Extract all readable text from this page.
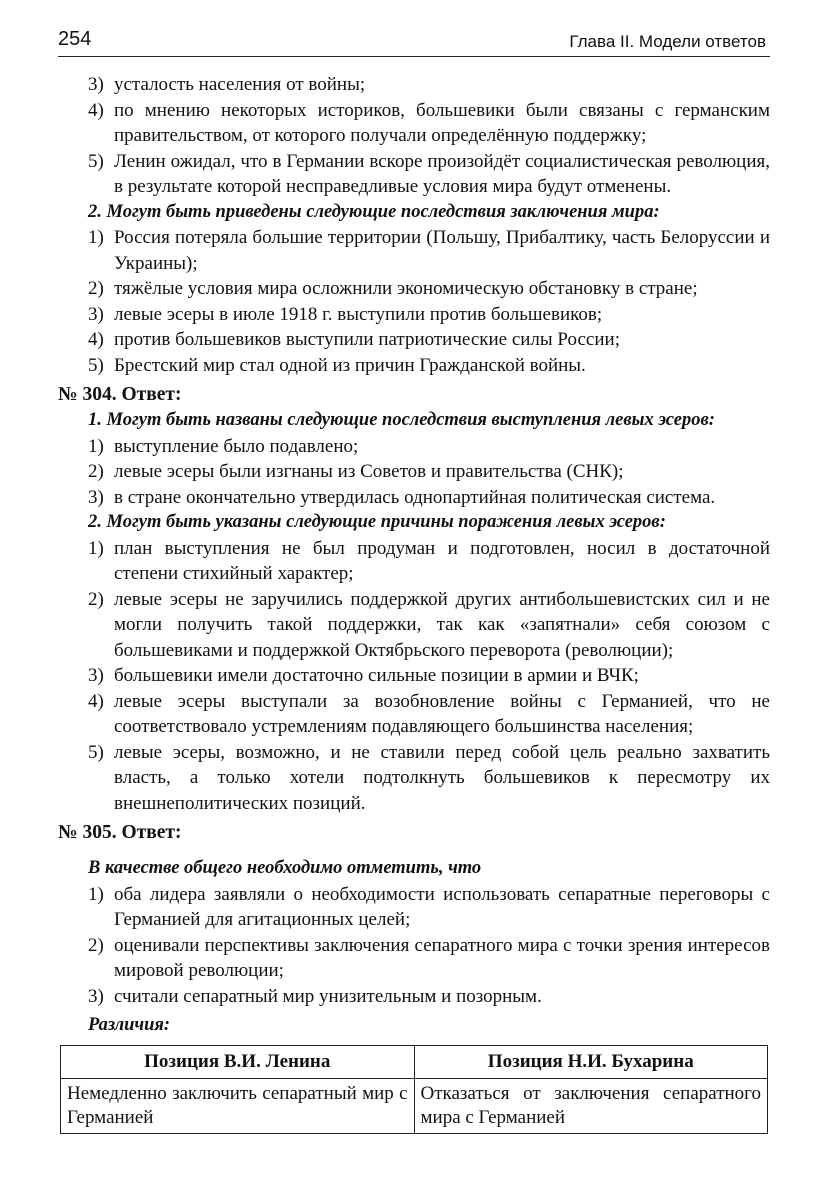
254	Глава II. Модели ответов
3) усталость населения от войны;
4) по мнению некоторых историков, большевики были связаны с германским правительством, от которого получали определённую поддержку;
5) Ленин ожидал, что в Германии вскоре произойдёт социалистическая революция, в результате которой несправедливые условия мира будут отменены.
2. Могут быть приведены следующие последствия заключения мира:
1) Россия потеряла большие территории (Польшу, Прибалтику, часть Белоруссии и Украины);
2) тяжёлые условия мира осложнили экономическую обстановку в стране;
3) левые эсеры в июле 1918 г. выступили против большевиков;
4) против большевиков выступили патриотические силы России;
5) Брестский мир стал одной из причин Гражданской войны.
№ 304. Ответ:
1. Могут быть названы следующие последствия выступления левых эсеров:
1) выступление было подавлено;
2) левые эсеры были изгнаны из Советов и правительства (СНК);
3) в стране окончательно утвердилась однопартийная политическая система.
2. Могут быть указаны следующие причины поражения левых эсеров:
1) план выступления не был продуман и подготовлен, носил в достаточной степени стихийный характер;
2) левые эсеры не заручились поддержкой других антибольшевистских сил и не могли получить такой поддержки, так как «запятнали» себя союзом с большевиками и поддержкой Октябрьского переворота (революции);
3) большевики имели достаточно сильные позиции в армии и ВЧК;
4) левые эсеры выступали за возобновление войны с Германией, что не соответствовало устремлениям подавляющего большинства населения;
5) левые эсеры, возможно, и не ставили перед собой цель реально захватить власть, а только хотели подтолкнуть большевиков к пересмотру их внешнеполитических позиций.
№ 305. Ответ:
В качестве общего необходимо отметить, что
1) оба лидера заявляли о необходимости использовать сепаратные переговоры с Германией для агитационных целей;
2) оценивали перспективы заключения сепаратного мира с точки зрения интересов мировой революции;
3) считали сепаратный мир унизительным и позорным.
Различия:
Позиция В.И. Ленина	Позиция Н.И. Бухарина
Немедленно заключить сепаратный мир с Германией	Отказаться от заключения сепаратного мира с Германией
